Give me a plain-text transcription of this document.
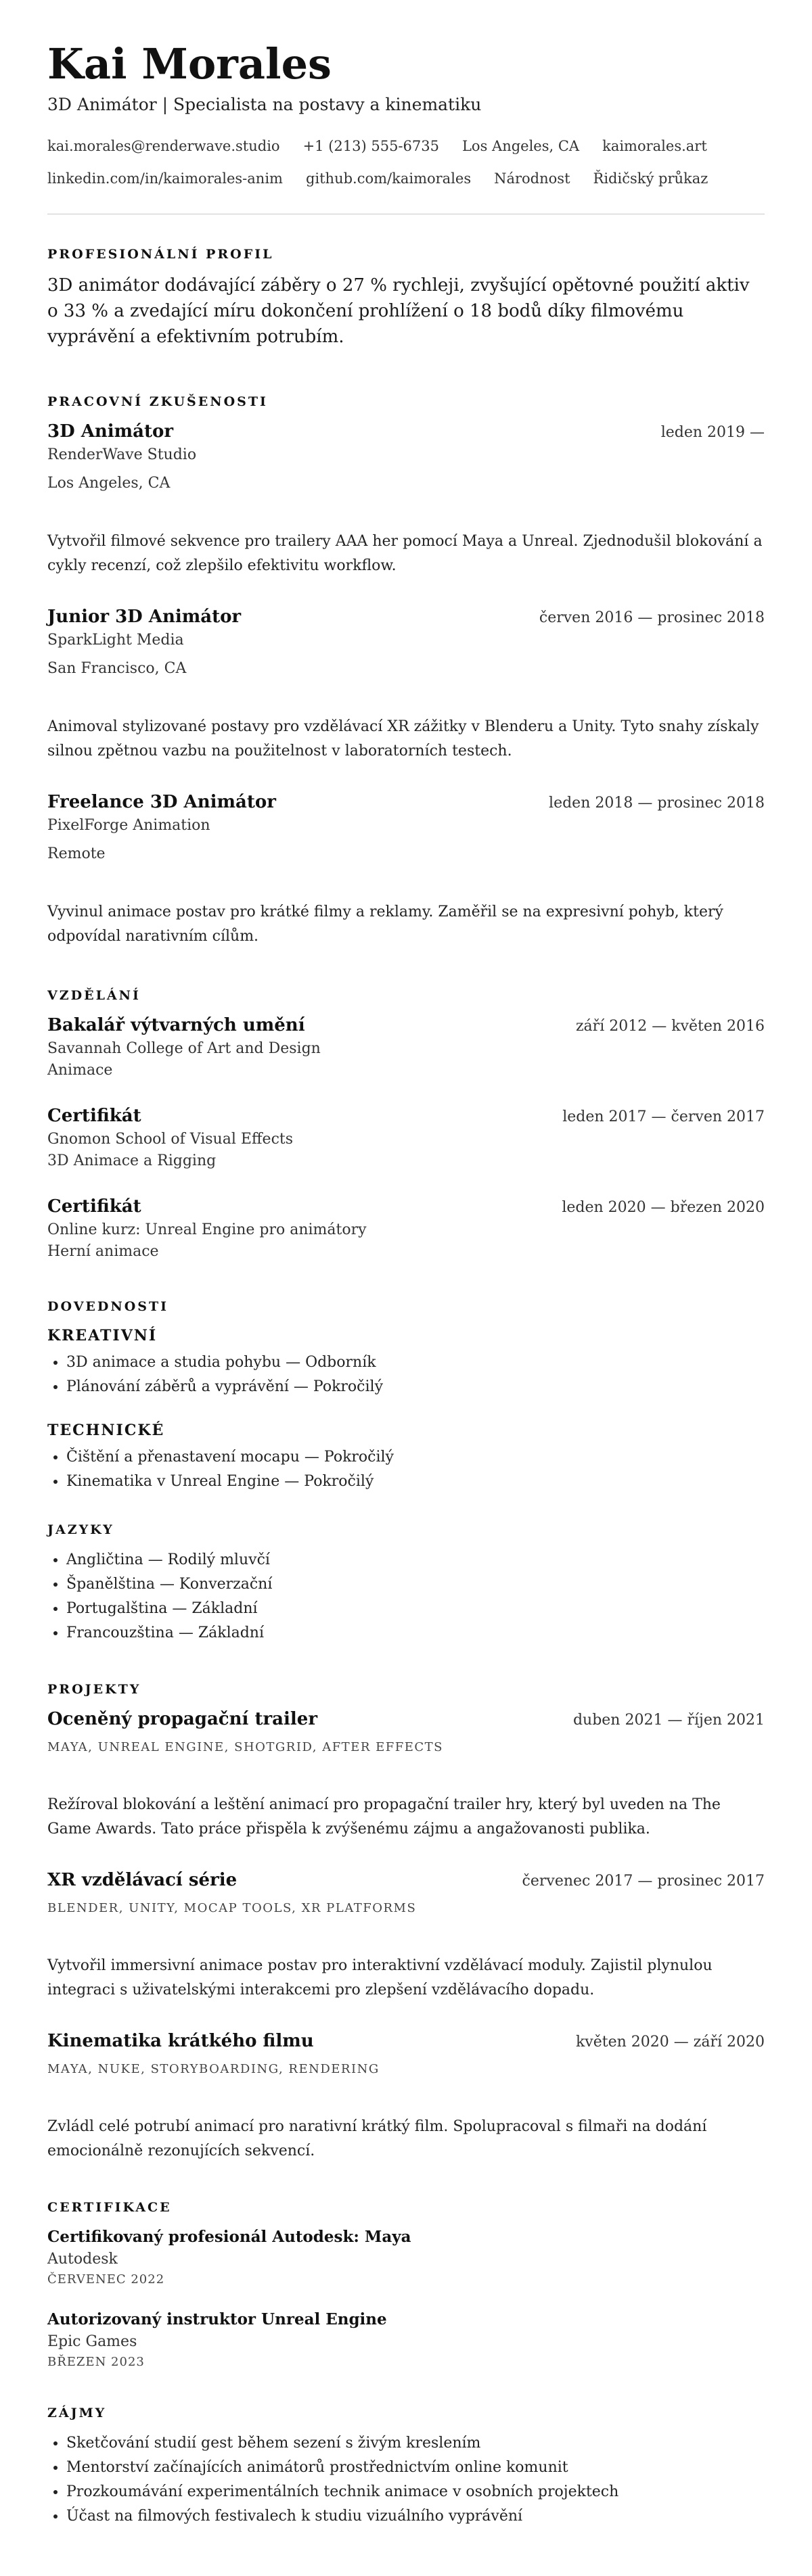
Kai Morales
3D Animátor | Specialista na postavy a kinematiku
kai.morales@renderwave.studio +1 (213) 555-6735 Los Angeles, CA kaimorales.art
linkedin.com/in/kaimorales-anim github.com/kaimorales Národnost Řidičský průkaz
PROFESIONÁLNÍ PROFIL

3D animátor dodávající záběry o 27 % rychleji, zvyšující opětovné použití aktiv o 33 % a zvedající míru dokončení prohlížení o 18 bodů díky filmovému vyprávění a efektivním potrubím.

PRACOVNÍ ZKUŠENOSTI
3D Animátor	leden 2019 —
RenderWave Studio
Los Angeles, CA
Vytvořil filmové sekvence pro trailery AAA her pomocí Maya a Unreal. Zjednodušil blokování a cykly recenzí, což zlepšilo efektivitu workflow.
Junior 3D Animátor	červen 2016 — prosinec 2018
SparkLight Media
San Francisco, CA
Animoval stylizované postavy pro vzdělávací XR zážitky v Blenderu a Unity. Tyto snahy získaly silnou zpětnou vazbu na použitelnost v laboratorních testech.
Freelance 3D Animátor	leden 2018 — prosinec 2018
PixelForge Animation
Remote
Vyvinul animace postav pro krátké filmy a reklamy. Zaměřil se na expresivní pohyb, který odpovídal narativním cílům.
VZDĚLÁNÍ
Bakalář výtvarných umění	září 2012 — květen 2016
Savannah College of Art and Design
Animace
Certifikát	leden 2017 — červen 2017
Gnomon School of Visual Effects
3D Animace a Rigging
Certifikát	leden 2020 — březen 2020
Online kurz: Unreal Engine pro animátory
Herní animace
DOVEDNOSTI
KREATIVNÍ
• 3D animace a studia pohybu — Odborník
• Plánování záběrů a vyprávění — Pokročilý
TECHNICKÉ
• Čištění a přenastavení mocapu — Pokročilý
• Kinematika v Unreal Engine — Pokročilý
JAZYKY
• Angličtina — Rodilý mluvčí
• Španělština — Konverzační
• Portugalština — Základní
• Francouzština — Základní
PROJEKTY
Oceněný propagační trailer	duben 2021 — říjen 2021
MAYA, UNREAL ENGINE, SHOTGRID, AFTER EFFECTS
Režíroval blokování a leštění animací pro propagační trailer hry, který byl uveden na The Game Awards. Tato práce přispěla k zvýšenému zájmu a angažovanosti publika.
XR vzdělávací série	červenec 2017 — prosinec 2017
BLENDER, UNITY, MOCAP TOOLS, XR PLATFORMS
Vytvořil immersivní animace postav pro interaktivní vzdělávací moduly. Zajistil plynulou integraci s uživatelskými interakcemi pro zlepšení vzdělávacího dopadu.
Kinematika krátkého filmu	květen 2020 — září 2020
MAYA, NUKE, STORYBOARDING, RENDERING
Zvládl celé potrubí animací pro narativní krátký film. Spolupracoval s filmaři na dodání emocionálně rezonujících sekvencí.
CERTIFIKACE
Certifikovaný profesionál Autodesk: Maya
Autodesk
ČERVENEC 2022
Autorizovaný instruktor Unreal Engine
Epic Games
BŘEZEN 2023
ZÁJMY
• Sketčování studií gest během sezení s živým kreslením
• Mentorství začínajících animátorů prostřednictvím online komunit
• Prozkoumávání experimentálních technik animace v osobních projektech
• Účast na filmových festivalech k studiu vizuálního vyprávění
